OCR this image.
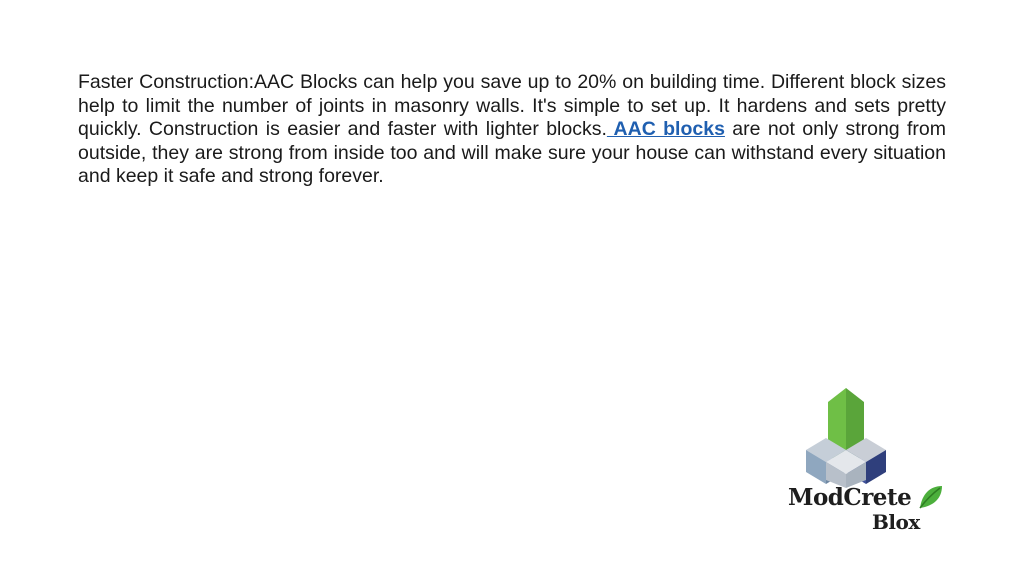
Faster Construction:AAC Blocks can help you save up to 20% on building time. Different block sizes help to limit the number of joints in masonry walls. It's simple to set up. It hardens and sets pretty quickly. Construction is easier and faster with lighter blocks. AAC blocks are not only strong from outside, they are strong from inside too and will make sure your house can withstand every situation and keep it safe and strong forever.

ModCrete
Blox
